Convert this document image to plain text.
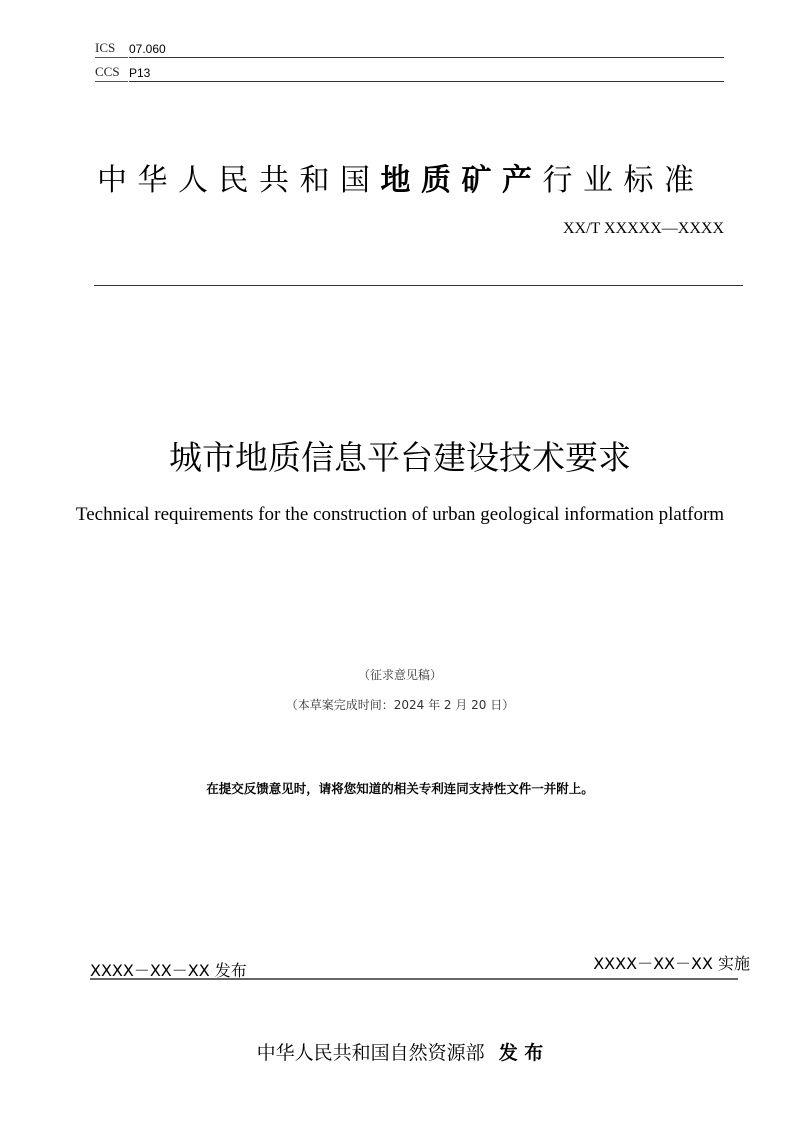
ICS 07.060
CCS P13
中华人民共和国地质矿产行业标准
XX/T XXXXX—XXXX
城市地质信息平台建设技术要求
Technical requirements for the construction of urban geological information platform
（征求意见稿）
（本草案完成时间：2024 年 2 月 20 日）
在提交反馈意见时，请将您知道的相关专利连同支持性文件一并附上。
XXXX－XX－XX 发布	XXXX－XX－XX 实施
中华人民共和国自然资源部 发 布
